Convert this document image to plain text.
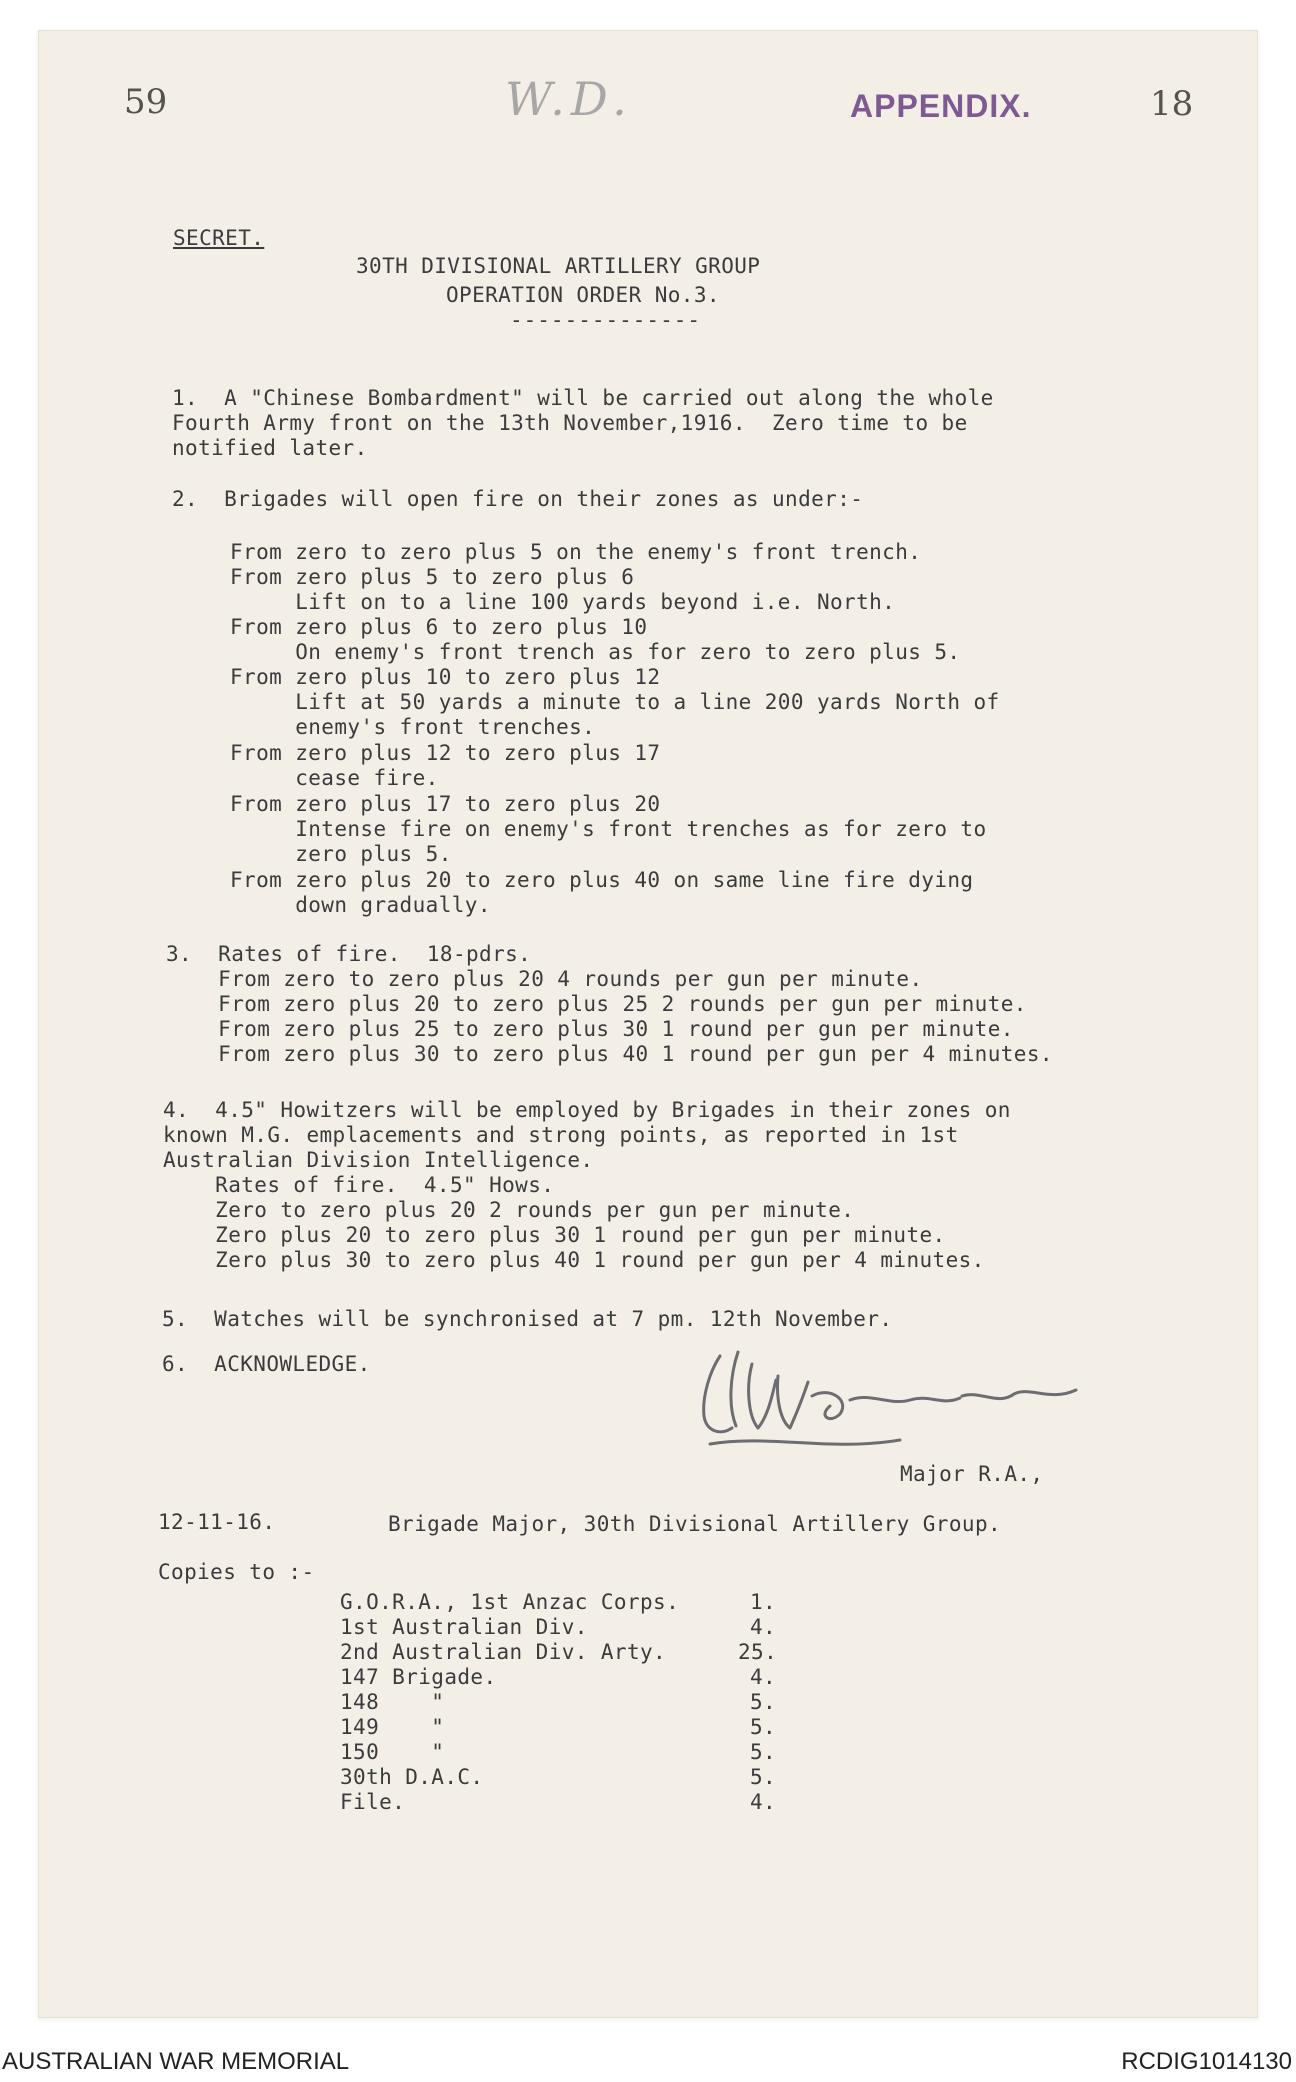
59	W.D.	APPENDIX.	18
SECRET.
30TH DIVISIONAL ARTILLERY GROUP
OPERATION ORDER No.3.
--------------
1.  A "Chinese Bombardment" will be carried out along the whole
Fourth Army front on the 13th November,1916.  Zero time to be
notified later.
2.  Brigades will open fire on their zones as under:-
From zero to zero plus 5 on the enemy's front trench.
From zero plus 5 to zero plus 6
Lift on to a line 100 yards beyond i.e. North.
From zero plus 6 to zero plus 10
On enemy's front trench as for zero to zero plus 5.
From zero plus 10 to zero plus 12
Lift at 50 yards a minute to a line 200 yards North of
enemy's front trenches.
From zero plus 12 to zero plus 17
cease fire.
From zero plus 17 to zero plus 20
Intense fire on enemy's front trenches as for zero to
zero plus 5.
From zero plus 20 to zero plus 40 on same line fire dying
down gradually.
3.  Rates of fire.  18-pdrs.
From zero to zero plus 20 4 rounds per gun per minute.
From zero plus 20 to zero plus 25 2 rounds per gun per minute.
From zero plus 25 to zero plus 30 1 round per gun per minute.
From zero plus 30 to zero plus 40 1 round per gun per 4 minutes.
4.  4.5" Howitzers will be employed by Brigades in their zones on
known M.G. emplacements and strong points, as reported in 1st
Australian Division Intelligence.
Rates of fire.  4.5" Hows.
Zero to zero plus 20 2 rounds per gun per minute.
Zero plus 20 to zero plus 30 1 round per gun per minute.
Zero plus 30 to zero plus 40 1 round per gun per 4 minutes.
5.  Watches will be synchronised at 7 pm. 12th November.
6.  ACKNOWLEDGE.
Major R.A.,
12-11-16.	Brigade Major, 30th Divisional Artillery Group.
Copies to :-
G.O.R.A., 1st Anzac Corps.	1.
1st Australian Div.	4.
2nd Australian Div. Arty.	25.
147 Brigade.	4.
148    "	5.
149    "	5.
150    "	5.
30th D.A.C.	5.
File.	4.
AUSTRALIAN WAR MEMORIAL	RCDIG1014130
